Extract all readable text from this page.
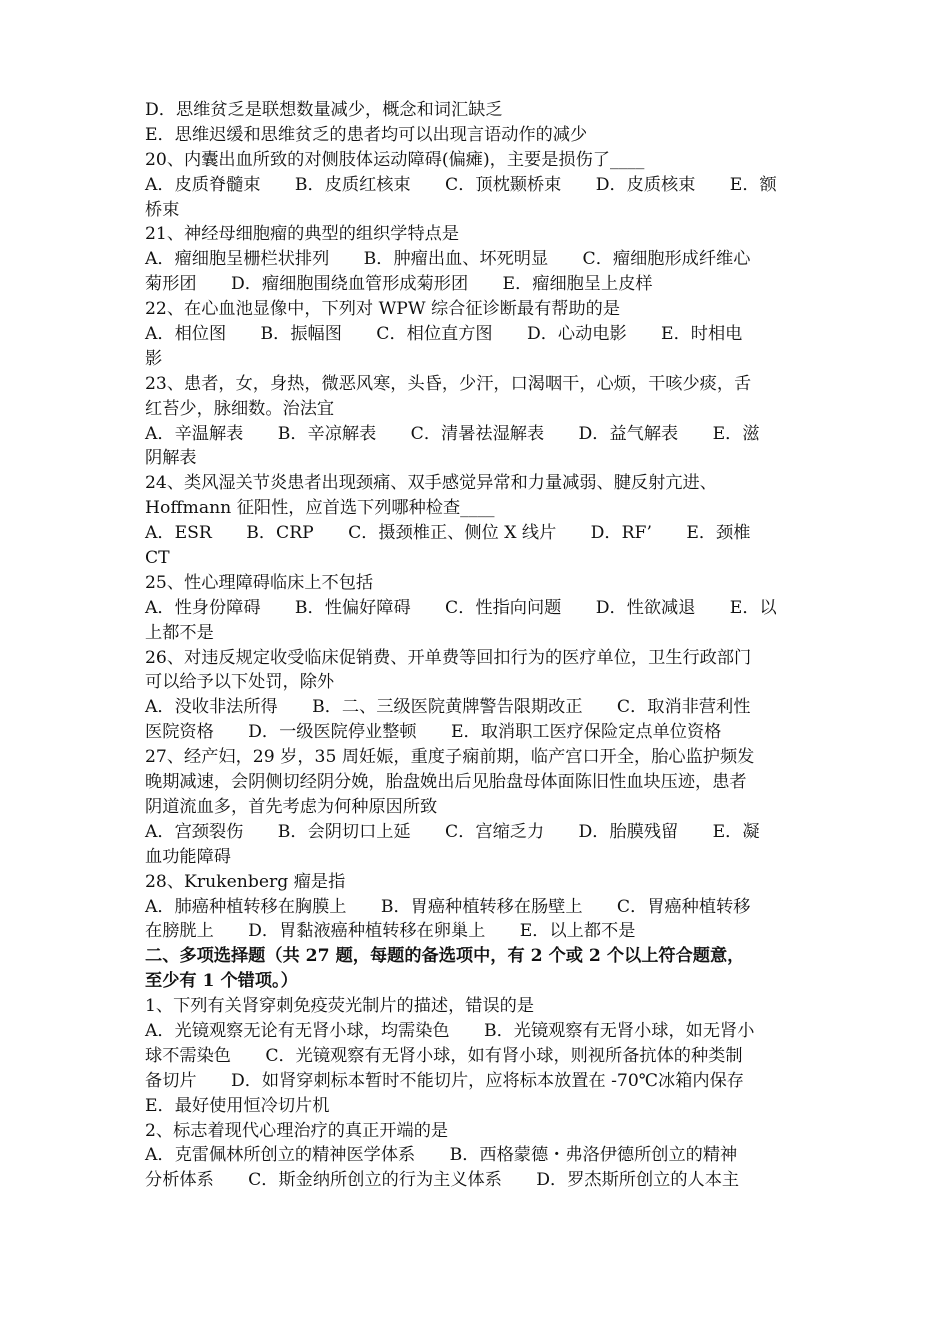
D．思维贫乏是联想数量减少，概念和词汇缺乏
E．思维迟缓和思维贫乏的患者均可以出现言语动作的减少
20、内囊出血所致的对侧肢体运动障碍(偏瘫)，主要是损伤了____
A．皮质脊髓束　　B．皮质红核束　　C．顶枕颞桥束　　D．皮质核束　　E．额
桥束
21、神经母细胞瘤的典型的组织学特点是
A．瘤细胞呈栅栏状排列　　B．肿瘤出血、坏死明显　　C．瘤细胞形成纤维心
菊形团　　D．瘤细胞围绕血管形成菊形团　　E．瘤细胞呈上皮样
22、在心血池显像中，下列对 WPW 综合征诊断最有帮助的是
A．相位图　　B．振幅图　　C．相位直方图　　D．心动电影　　E．时相电
影
23、患者，女，身热，微恶风寒，头昏，少汗，口渴咽干，心烦，干咳少痰，舌
红苔少，脉细数。治法宜
A．辛温解表　　B．辛凉解表　　C．清暑祛湿解表　　D．益气解表　　E．滋
阴解表
24、类风湿关节炎患者出现颈痛、双手感觉异常和力量减弱、腱反射亢进、
Hoffmann 征阳性，应首选下列哪种检查____
A．ESR　　B．CRP　　C．摄颈椎正、侧位 X 线片　　D．RF’　　E．颈椎
CT
25、性心理障碍临床上不包括
A．性身份障碍　　B．性偏好障碍　　C．性指向问题　　D．性欲减退　　E．以
上都不是
26、对违反规定收受临床促销费、开单费等回扣行为的医疗单位，卫生行政部门
可以给予以下处罚，除外
A．没收非法所得　　B．二、三级医院黄牌警告限期改正　　C．取消非营利性
医院资格　　D．一级医院停业整顿　　E．取消职工医疗保险定点单位资格
27、经产妇，29 岁，35 周妊娠，重度子痫前期，临产宫口开全，胎心监护频发
晚期减速，会阴侧切经阴分娩，胎盘娩出后见胎盘母体面陈旧性血块压迹，患者
阴道流血多，首先考虑为何种原因所致
A．宫颈裂伤　　B．会阴切口上延　　C．宫缩乏力　　D．胎膜残留　　E．凝
血功能障碍
28、Krukenberg 瘤是指
A．肺癌种植转移在胸膜上　　B．胃癌种植转移在肠壁上　　C．胃癌种植转移
在膀胱上　　D．胃黏液癌种植转移在卵巢上　　E．以上都不是
二、多项选择题（共 27 题，每题的备选项中，有 2 个或 2 个以上符合题意，
至少有 1 个错项。）
1、下列有关肾穿刺免疫荧光制片的描述，错误的是
A．光镜观察无论有无肾小球，均需染色　　B．光镜观察有无肾小球，如无肾小
球不需染色　　C．光镜观察有无肾小球，如有肾小球，则视所备抗体的种类制
备切片　　D．如肾穿刺标本暂时不能切片，应将标本放置在 -70℃冰箱内保存
E．最好使用恒冷切片机
2、标志着现代心理治疗的真正开端的是
A．克雷佩林所创立的精神医学体系　　B．西格蒙德・弗洛伊德所创立的精神
分析体系　　C．斯金纳所创立的行为主义体系　　D．罗杰斯所创立的人本主
